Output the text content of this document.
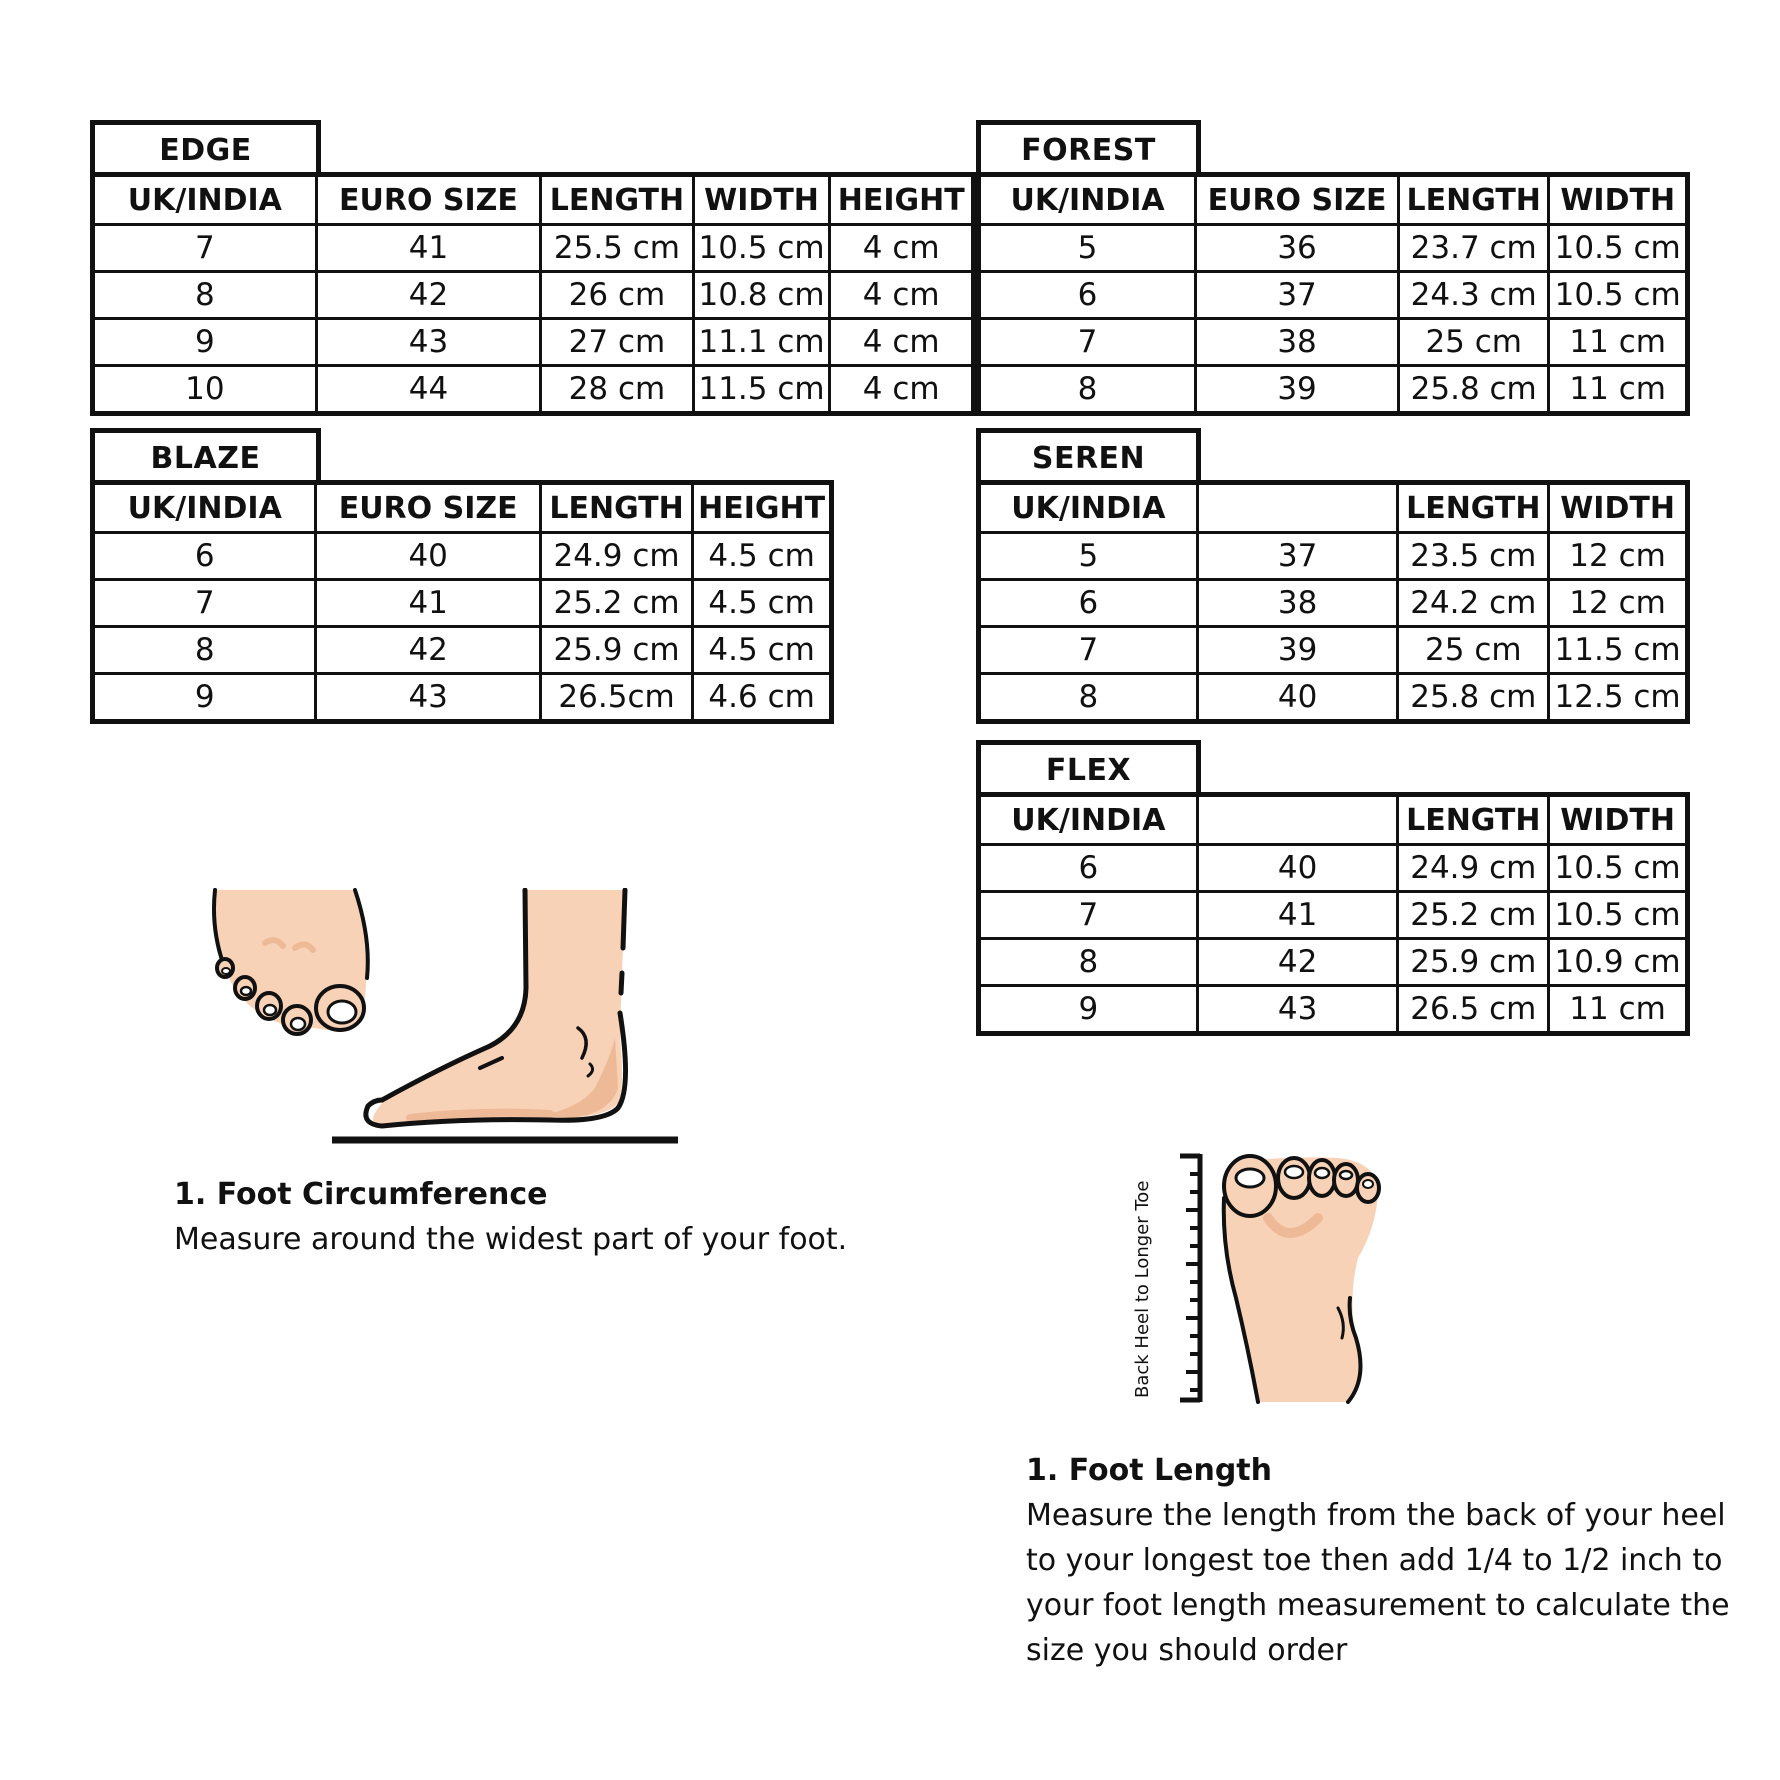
EDGE
UK/INDIA	EURO SIZE	LENGTH	WIDTH	HEIGHT
7	41	25.5 cm	10.5 cm	4 cm
8	42	26 cm	10.8 cm	4 cm
9	43	27 cm	11.1 cm	4 cm
10	44	28 cm	11.5 cm	4 cm
FOREST
UK/INDIA	EURO SIZE	LENGTH	WIDTH
5	36	23.7 cm	10.5 cm
6	37	24.3 cm	10.5 cm
7	38	25 cm	11 cm
8	39	25.8 cm	11 cm
BLAZE
UK/INDIA	EURO SIZE	LENGTH	HEIGHT
6	40	24.9 cm	4.5 cm
7	41	25.2 cm	4.5 cm
8	42	25.9 cm	4.5 cm
9	43	26.5cm	4.6 cm
SEREN
UK/INDIA		LENGTH	WIDTH
5	37	23.5 cm	12 cm
6	38	24.2 cm	12 cm
7	39	25 cm	11.5 cm
8	40	25.8 cm	12.5 cm
FLEX
UK/INDIA		LENGTH	WIDTH
6	40	24.9 cm	10.5 cm
7	41	25.2 cm	10.5 cm
8	42	25.9 cm	10.9 cm
9	43	26.5 cm	11 cm
1. Foot Circumference
Measure around the widest part of your foot.	Back Heel to Longer Toe
1. Foot Length
Measure the length from the back of your heel
to your longest toe then add 1/4 to 1/2 inch to
your foot length measurement to calculate the
size you should order
